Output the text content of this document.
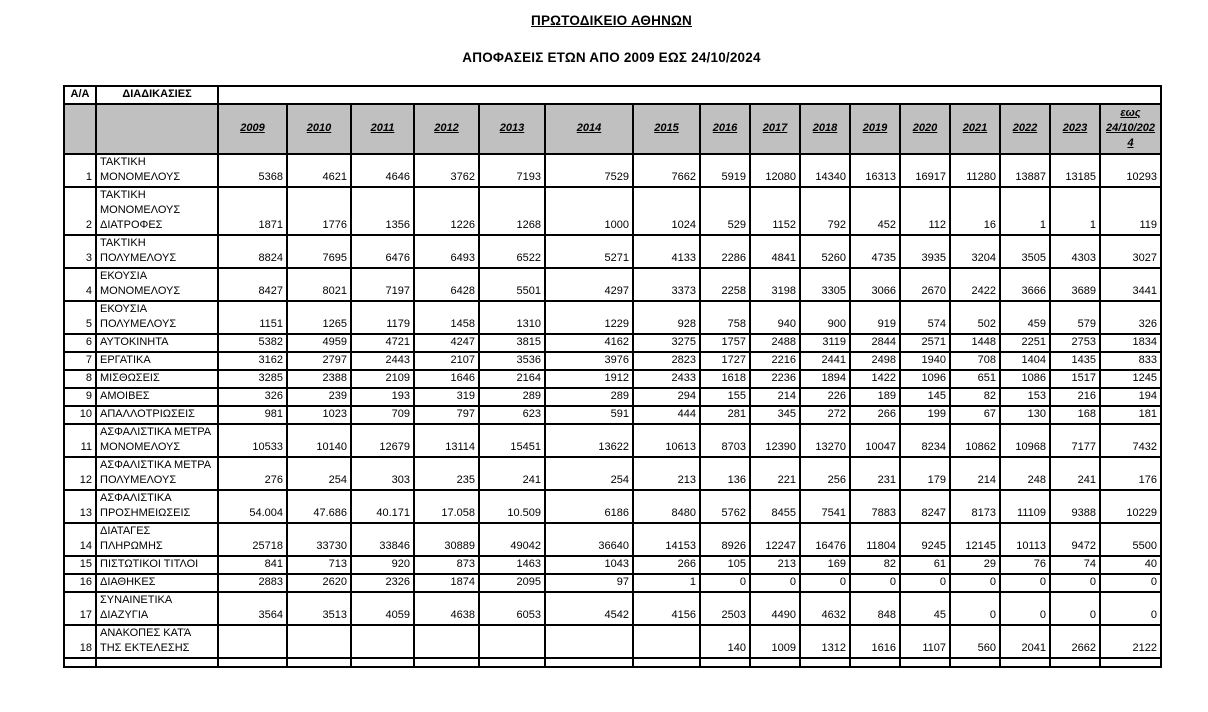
ΠΡΩΤΟΔΙΚΕΙΟ ΑΘΗΝΩΝ
ΑΠΟΦΑΣΕΙΣ ΕΤΩΝ ΑΠΟ 2009 ΕΩΣ 24/10/2024
Α/Α	ΔΙΑΔΙΚΑΣΙΕΣ																
		2009	2010	2011	2012	2013	2014	2015	2016	2017	2018	2019	2020	2021	2022	2023	εως
24/10/2024

1	ΤΑΚΤΙΚΗ ΜΟΝΟΜΕΛΟΥΣ	5368	4621	4646	3762	7193	7529	7662	5919	12080	14340	16313	16917	11280	13887	13185	10293
2	ΤΑΚΤΙΚΗ ΜΟΝΟΜΕΛΟΥΣ ΔΙΑΤΡΟΦΕΣ	1871	1776	1356	1226	1268	1000	1024	529	1152	792	452	112	16	1	1	119
3	ΤΑΚΤΙΚΗ ΠΟΛΥΜΕΛΟΥΣ	8824	7695	6476	6493	6522	5271	4133	2286	4841	5260	4735	3935	3204	3505	4303	3027
4	ΕΚΟΥΣΙΑ ΜΟΝΟΜΕΛΟΥΣ	8427	8021	7197	6428	5501	4297	3373	2258	3198	3305	3066	2670	2422	3666	3689	3441
5	ΕΚΟΥΣΙΑ ΠΟΛΥΜΕΛΟΥΣ	1151	1265	1179	1458	1310	1229	928	758	940	900	919	574	502	459	579	326
6	ΑΥΤΟΚΙΝΗΤΑ	5382	4959	4721	4247	3815	4162	3275	1757	2488	3119	2844	2571	1448	2251	2753	1834
7	ΕΡΓΑΤΙΚΑ	3162	2797	2443	2107	3536	3976	2823	1727	2216	2441	2498	1940	708	1404	1435	833
8	ΜΙΣΘΩΣΕΙΣ	3285	2388	2109	1646	2164	1912	2433	1618	2236	1894	1422	1096	651	1086	1517	1245
9	ΑΜΟΙΒΕΣ	326	239	193	319	289	289	294	155	214	226	189	145	82	153	216	194
10	ΑΠΑΛΛΟΤΡΙΩΣΕΙΣ	981	1023	709	797	623	591	444	281	345	272	266	199	67	130	168	181
11	ΑΣΦΑΛΙΣΤΙΚΑ ΜΕΤΡΑ ΜΟΝΟΜΕΛΟΥΣ	10533	10140	12679	13114	15451	13622	10613	8703	12390	13270	10047	8234	10862	10968	7177	7432
12	ΑΣΦΑΛΙΣΤΙΚΑ ΜΕΤΡΑ ΠΟΛΥΜΕΛΟΥΣ	276	254	303	235	241	254	213	136	221	256	231	179	214	248	241	176
13	ΑΣΦΑΛΙΣΤΙΚΑ ΠΡΟΣΗΜΕΙΩΣΕΙΣ	54.004	47.686	40.171	17.058	10.509	6186	8480	5762	8455	7541	7883	8247	8173	11109	9388	10229
14	ΔΙΑΤΑΓΕΣ ΠΛΗΡΩΜΗΣ	25718	33730	33846	30889	49042	36640	14153	8926	12247	16476	11804	9245	12145	10113	9472	5500
15	ΠΙΣΤΩΤΙΚΟΙ ΤΙΤΛΟΙ	841	713	920	873	1463	1043	266	105	213	169	82	61	29	76	74	40
16	ΔΙΑΘΗΚΕΣ	2883	2620	2326	1874	2095	97	1	0	0	0	0	0	0	0	0	0
17	ΣΥΝΑΙΝΕΤΙΚΑ ΔΙΑΖΥΓΙΑ	3564	3513	4059	4638	6053	4542	4156	2503	4490	4632	848	45	0	0	0	0
18	ΑΝΑΚΟΠΕΣ ΚΑΤΆ ΤΗΣ ΕΚΤΕΛΕΣΗΣ								140	1009	1312	1616	1107	560	2041	2662	2122
